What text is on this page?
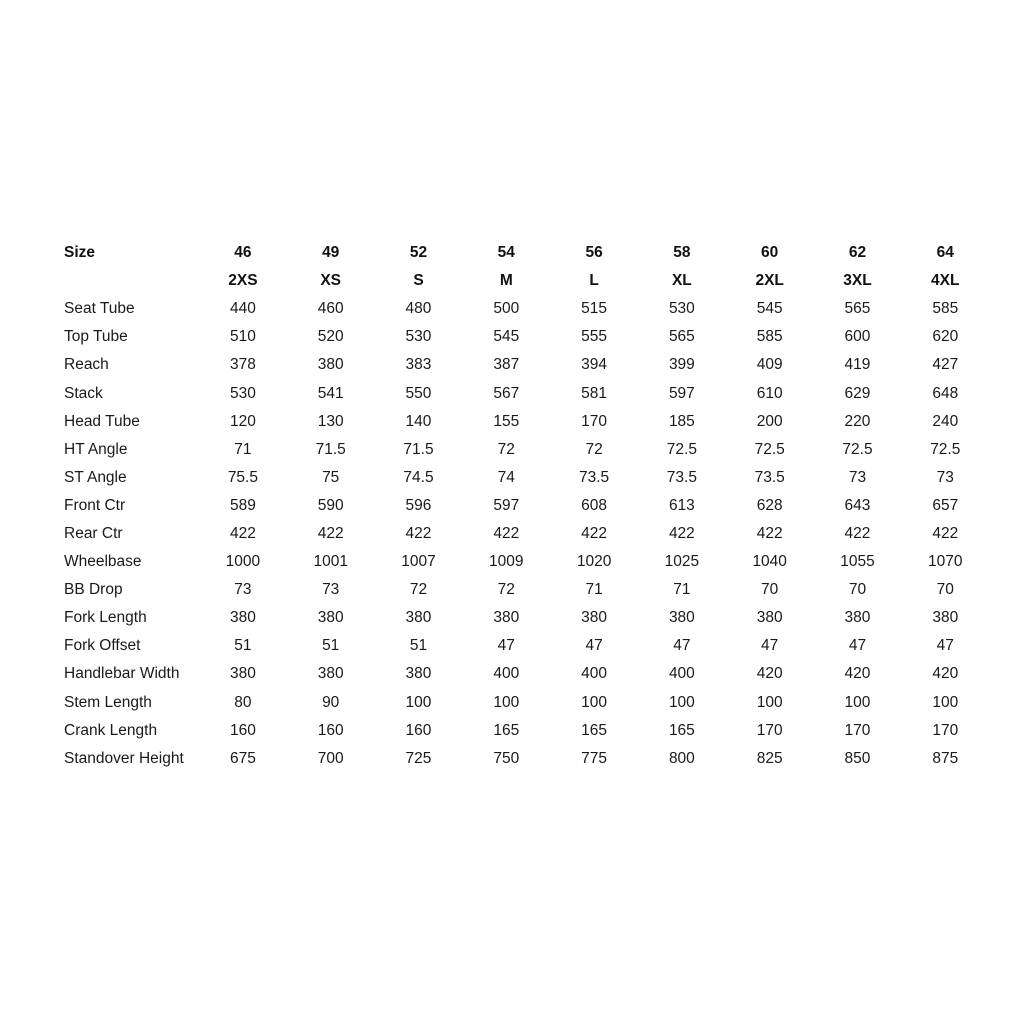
Size	46	49	52	54	56	58	60	62	64
	2XS	XS	S	M	L	XL	2XL	3XL	4XL
Seat Tube	440	460	480	500	515	530	545	565	585
Top Tube	510	520	530	545	555	565	585	600	620
Reach	378	380	383	387	394	399	409	419	427
Stack	530	541	550	567	581	597	610	629	648
Head Tube	120	130	140	155	170	185	200	220	240
HT Angle	71	71.5	71.5	72	72	72.5	72.5	72.5	72.5
ST Angle	75.5	75	74.5	74	73.5	73.5	73.5	73	73
Front Ctr	589	590	596	597	608	613	628	643	657
Rear Ctr	422	422	422	422	422	422	422	422	422
Wheelbase	1000	1001	1007	1009	1020	1025	1040	1055	1070
BB Drop	73	73	72	72	71	71	70	70	70
Fork Length	380	380	380	380	380	380	380	380	380
Fork Offset	51	51	51	47	47	47	47	47	47
Handlebar Width	380	380	380	400	400	400	420	420	420
Stem Length	80	90	100	100	100	100	100	100	100
Crank Length	160	160	160	165	165	165	170	170	170
Standover Height	675	700	725	750	775	800	825	850	875
